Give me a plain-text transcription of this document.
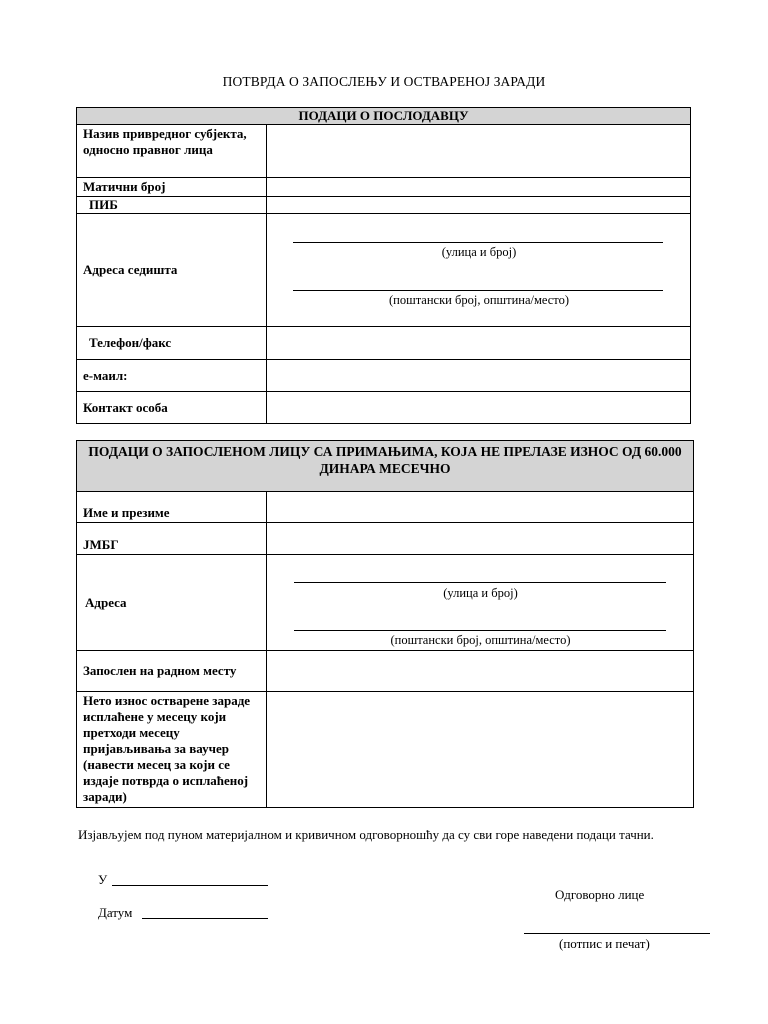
ПОТВРДА О ЗАПОСЛЕЊУ И ОСТВАРЕНОЈ ЗАРАДИ
ПОДАЦИ О ПОСЛОДАВЦУ	
Назив привредног субјекта, односно правног лица	
Матични број	
ПИБ	
Адреса седишта	(улица и број)
(поштански број, општина/место)

Телефон/факс	
е-маил:	
Контакт особа	
ПОДАЦИ О ЗАПОСЛЕНОМ ЛИЦУ СА ПРИМАЊИМА, КОЈА НЕ ПРЕЛАЗЕ ИЗНОС ОД 60.000 ДИНАРА МЕСЕЧНО	
Име и презиме	
ЈМБГ	
Адреса	(улица и број)
(поштански број, општина/место)

Запослен на радном месту	
Нето износ остварене зараде исплаћене у месецу који претходи месецу пријављивања за ваучер (навести месец за који се издаје потврда о исплаћеној заради)	
Изјављујем под пуном материјалном и кривичном одговорношћу да су сви горе наведени подаци тачни.
У
Датум
Одговорно лице
(потпис и печат)
